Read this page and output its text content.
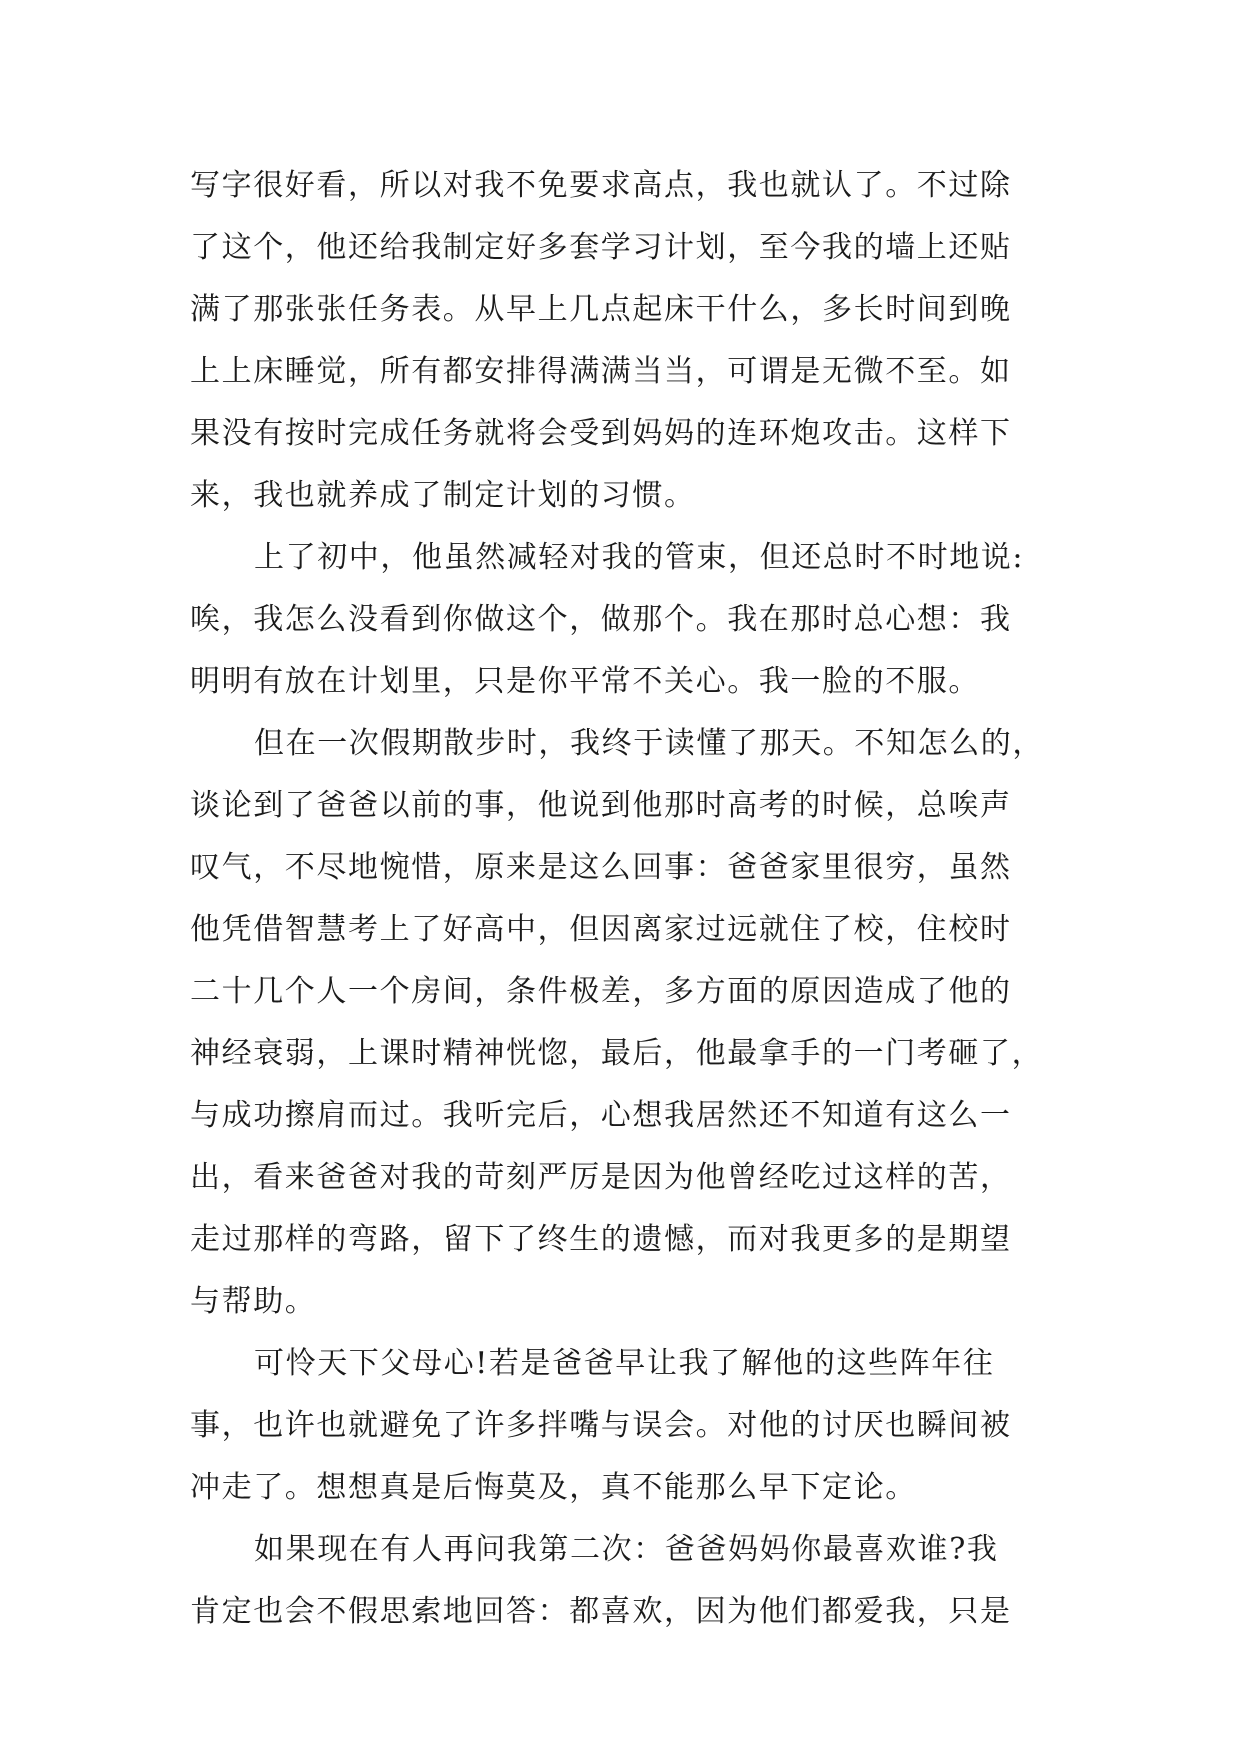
写字很好看，所以对我不免要求高点，我也就认了。不过除
了这个，他还给我制定好多套学习计划，至今我的墙上还贴
满了那张张任务表。从早上几点起床干什么，多长时间到晚
上上床睡觉，所有都安排得满满当当，可谓是无微不至。如
果没有按时完成任务就将会受到妈妈的连环炮攻击。这样下
来，我也就养成了制定计划的习惯。
上了初中，他虽然减轻对我的管束，但还总时不时地说:
唉，我怎么没看到你做这个，做那个。我在那时总心想：我
明明有放在计划里，只是你平常不关心。我一脸的不服。
但在一次假期散步时，我终于读懂了那天。不知怎么的，
谈论到了爸爸以前的事，他说到他那时高考的时候，总唉声
叹气，不尽地惋惜，原来是这么回事：爸爸家里很穷，虽然
他凭借智慧考上了好高中，但因离家过远就住了校，住校时
二十几个人一个房间，条件极差，多方面的原因造成了他的
神经衰弱，上课时精神恍惚，最后，他最拿手的一门考砸了，
与成功擦肩而过。我听完后，心想我居然还不知道有这么一
出，看来爸爸对我的苛刻严厉是因为他曾经吃过这样的苦，
走过那样的弯路，留下了终生的遗憾，而对我更多的是期望
与帮助。
可怜天下父母心!若是爸爸早让我了解他的这些阵年往
事，也许也就避免了许多拌嘴与误会。对他的讨厌也瞬间被
冲走了。想想真是后悔莫及，真不能那么早下定论。
如果现在有人再问我第二次：爸爸妈妈你最喜欢谁?我
肯定也会不假思索地回答：都喜欢，因为他们都爱我，只是
